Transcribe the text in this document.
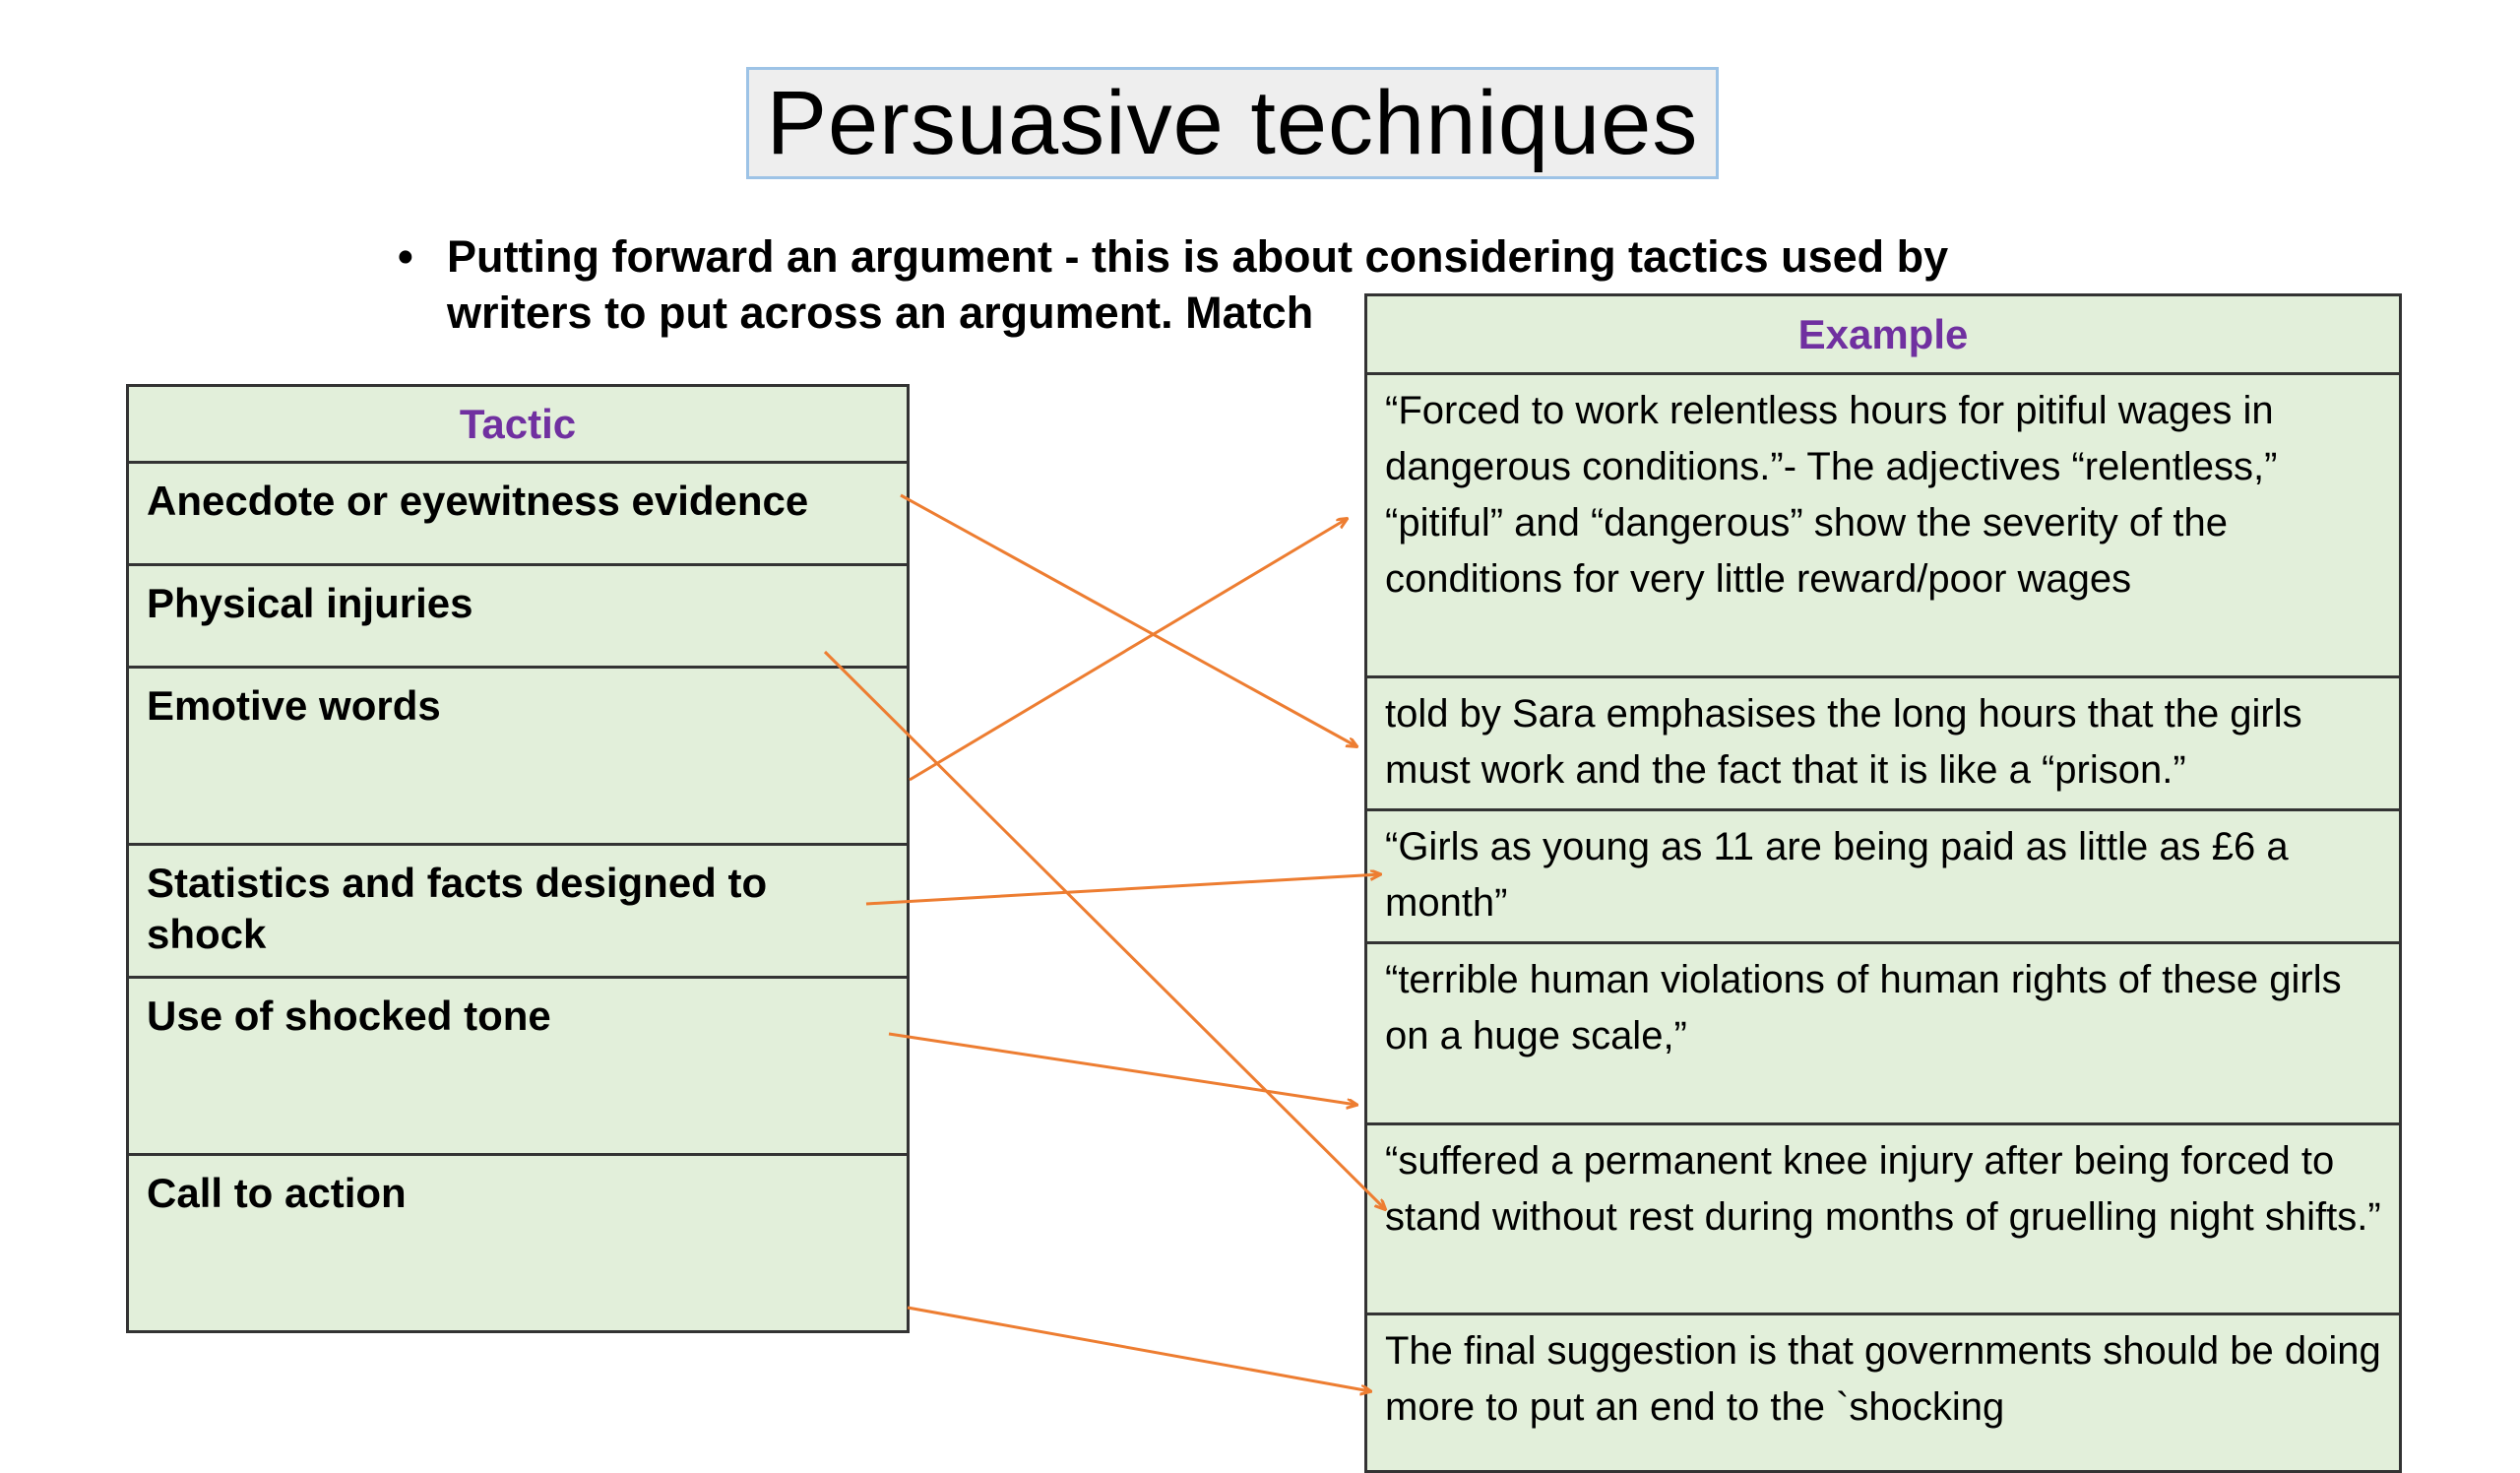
Persuasive techniques
• Putting forward an argument - this is about considering tactics used by writers to put across an argument. Match
Tactic
Anecdote or eyewitness evidence
Physical injuries
Emotive words
Statistics and facts designed to shock
Use of shocked tone
Call to action
Example
“Forced to work relentless hours for pitiful wages in dangerous conditions.”- The adjectives “relentless,” “pitiful” and “dangerous” show the severity of the conditions for very little reward/poor wages
told by Sara emphasises the long hours that the girls must work and the fact that it is like a “prison.”
“Girls as young as 11 are being paid as little as £6 a month”
“terrible human violations of human rights of these girls on a huge scale,”
“suffered a permanent knee injury after being forced to stand without rest during months of gruelling night shifts.”
The final suggestion is that governments should be doing more to put an end to the `shocking
